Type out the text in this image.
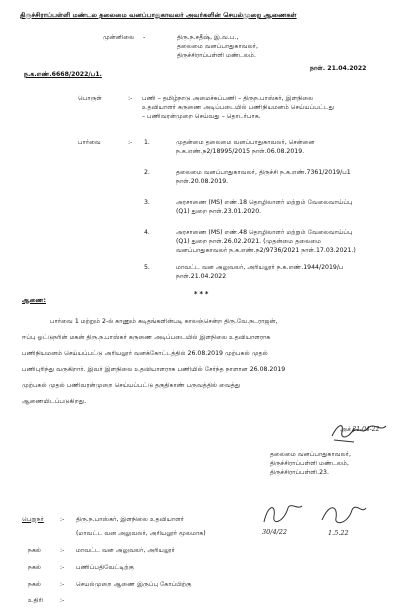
திருச்சிராப்பள்ளி மண்டல தலைமை வனப்பாதுகாவலர் அவர்களின் செயல்முறை ஆணைகள்
முன்னிலை -	திரு.ந.சதீஷ், இ.வ.ப.,
தலைமை வனப்பாதுகாவலர்,
திருச்சிராப்பள்ளி மண்டலம்.
ந.க.எண்.6668/2022/ப1.
நாள். 21.04.2022
பொருள்	:- பணி – தமிழ்நாடு அமைச்சுப்பணி – திருந.பாஸ்கர், இளநிலை
உதவியாளர் கருணை அடிப்படையில் பணிநியமனம் செய்யப்பட்டது
– பணிவரன்முறை செய்வது – தொடர்பாக.
பார்வை	:- 1.	முதன்மை தலைமை வனப்பாதுகாவலர், சென்னை
ந.க.எண்.ந2/18995/2015 நாள்.06.08.2019.
2.	தலைமை வனப்பாதுகாவலர், திருச்சி ந.க.எண்.7361/2019/ப1
நாள்.20.08.2019.
3.	அரசாணை (MS) எண்.18 தொழிலாளர் மற்றும் வேலைவாய்ப்பு
(Q1) துறை நாள்.23.01.2020.
4.	அரசாணை (MS) எண்.48 தொழிலாளர் மற்றும் வேலைவாய்ப்பு
(Q1) துறை நாள்.26.02.2021. (முதன்மை தலைமை
வனப்பாதுகாவலர் ந.க.எண்.ந2/9736/2021 நாள்.17.03.2021.)
5.	மாவட்ட வன அலுவலர், அரியலூர் ந.க.எண்.1944/2019/ப
நாள்.21.04.2022
ஆணை:
***
பார்வை 1 மற்றும் 2-ல் காணும் கடிதங்களின்படி காலஞ்சென்ற திரு.வே.நடராஜன்,
ஈப்பு ஓட்டுநரின் மகன் திரு.ந.பாஸ்கர் கருணை அடிப்படையில் இளநிலை உதவியாளராக
பணிநியமனம் செய்யப்பட்டு அரியலூர் வனக்கோட்டத்தில் 26.08.2019 முற்பகல் முதல்
பணிபுரிந்து வருகிறார். இவர் இளநிலை உதவியாளராக பணியில் சேர்ந்த நாளான 26.08.2019
முற்பகல் முதல் பணிவரன்முறை செய்யப்பட்டு தகுதிகாண் பருவத்தில் வைத்து
ஆணையிடப்படுகிறது.
அக் 21-04-22
தலைமை வனப்பாதுகாவலர்,
திருச்சிராப்பள்ளி மண்டலம்,
திருச்சிராப்பள்ளி.23.
பெறுநர்	:- திரு.ந.பாஸ்கர், இளநிலை உதவியாளர்
(மாவட்ட வன அலுவலர், அரியலூர் மூலமாக)
நகல்	:- மாவட்ட வன அலுவலர், அரியலூர்
நகல்	:- பணிப்பதிவேட்டிற்கு
நகல்	:- செயல்முறை ஆணை இருப்பு கோப்பிற்கு
உதிரி	:-
30/4/22	1.5.22
